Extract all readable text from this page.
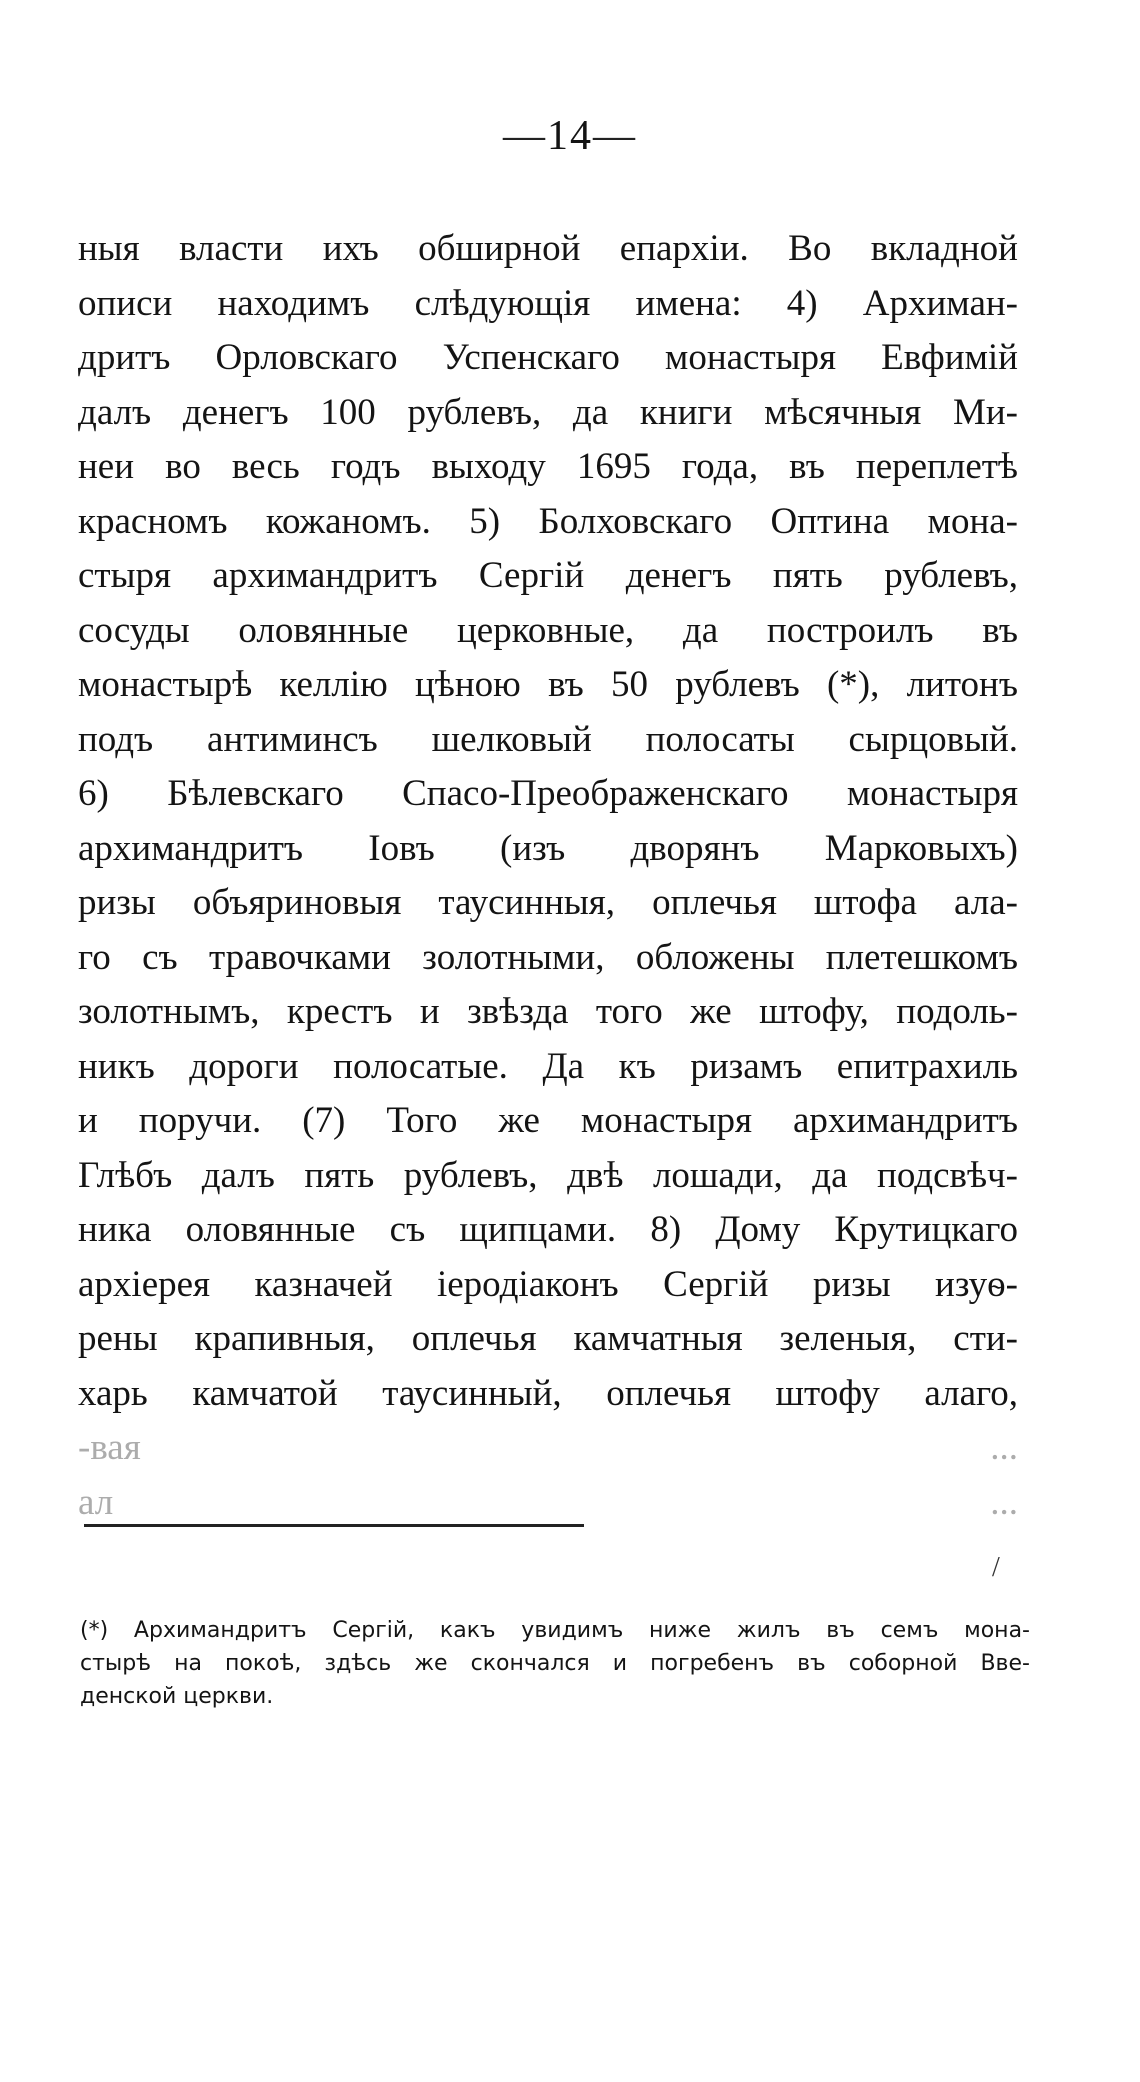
— 14 —
ныя власти ихъ обширной епархіи. Во вкладной
описи находимъ слѣдующія имена: 4) Архиман-
дритъ Орловскаго Успенскаго монастыря Евфимій
далъ денегъ 100 рублевъ, да книги мѣсячныя Ми-
неи во весь годъ выходу 1695 года, въ переплетѣ
красномъ кожаномъ. 5) Болховскаго Оптина мона-
стыря архимандритъ Сергій денегъ пять рублевъ,
сосуды оловянные церковные, да построилъ въ
монастырѣ келлію цѣною въ 50 рублевъ (*), литонъ
подъ антиминсъ шелковый полосаты сырцовый.
6) Бѣлевскаго Спасо-Преображенскаго монастыря
архимандритъ Іовъ (изъ дворянъ Марковыхъ)
ризы объяриновыя таусинныя, оплечья штофа ала-
го съ травочками золотными, обложены плетешкомъ
золотнымъ, крестъ и звѣзда того же штофу, подоль-
никъ дороги полосатые. Да къ ризамъ епитрахиль
и поручи. (7) Того же монастыря архимандритъ
Глѣбъ далъ пять рублевъ, двѣ лошади, да подсвѣч-
ника оловянные съ щипцами. 8) Дому Крутицкаго
архіерея казначей іеродіаконъ Сергій ризы изуѳ-
рены крапивныя, оплечья камчатныя зеленыя, сти-
харь камчатой таусинный, оплечья штофу алаго,
-вая ...
ал ...
/
(*) Архимандритъ Сергій, какъ увидимъ ниже жилъ въ семъ мона-
стырѣ на покоѣ, здѣсь же скончался и погребенъ въ соборной Вве-
денской церкви.
